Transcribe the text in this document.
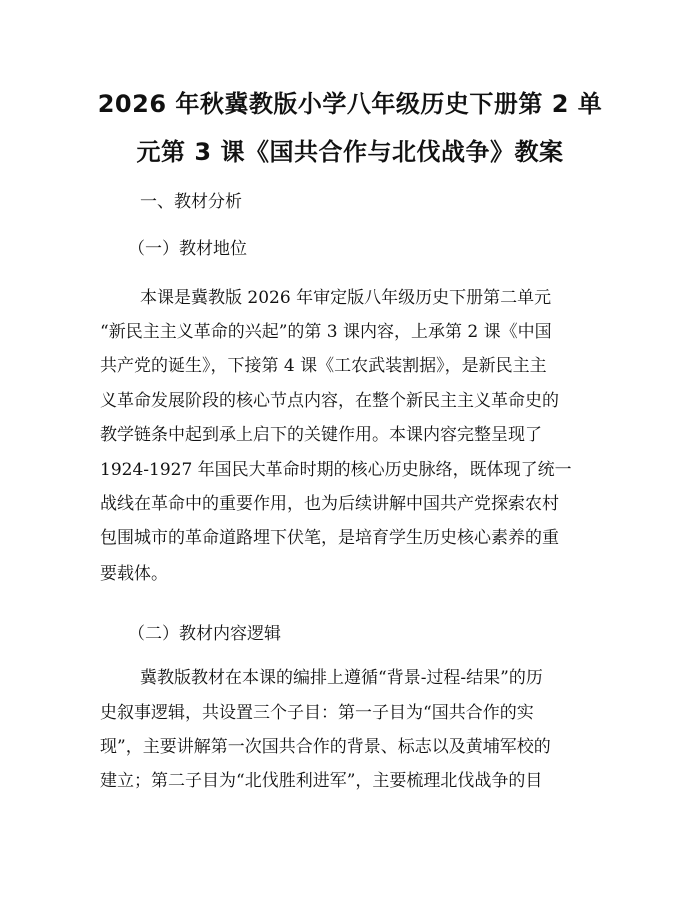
2026 年秋冀教版小学八年级历史下册第 2 单
元第 3 课《国共合作与北伐战争》教案
一、教材分析
（一）教材地位
本课是冀教版 2026 年审定版八年级历史下册第二单元
“新民主主义革命的兴起”的第 3 课内容，上承第 2 课《中国
共产党的诞生》，下接第 4 课《工农武装割据》，是新民主主
义革命发展阶段的核心节点内容，在整个新民主主义革命史的
教学链条中起到承上启下的关键作用。本课内容完整呈现了
1924-1927 年国民大革命时期的核心历史脉络，既体现了统一
战线在革命中的重要作用，也为后续讲解中国共产党探索农村
包围城市的革命道路埋下伏笔，是培育学生历史核心素养的重
要载体。
（二）教材内容逻辑
冀教版教材在本课的编排上遵循“背景-过程-结果”的历
史叙事逻辑，共设置三个子目：第一子目为“国共合作的实
现”，主要讲解第一次国共合作的背景、标志以及黄埔军校的
建立；第二子目为“北伐胜利进军”，主要梳理北伐战争的目
